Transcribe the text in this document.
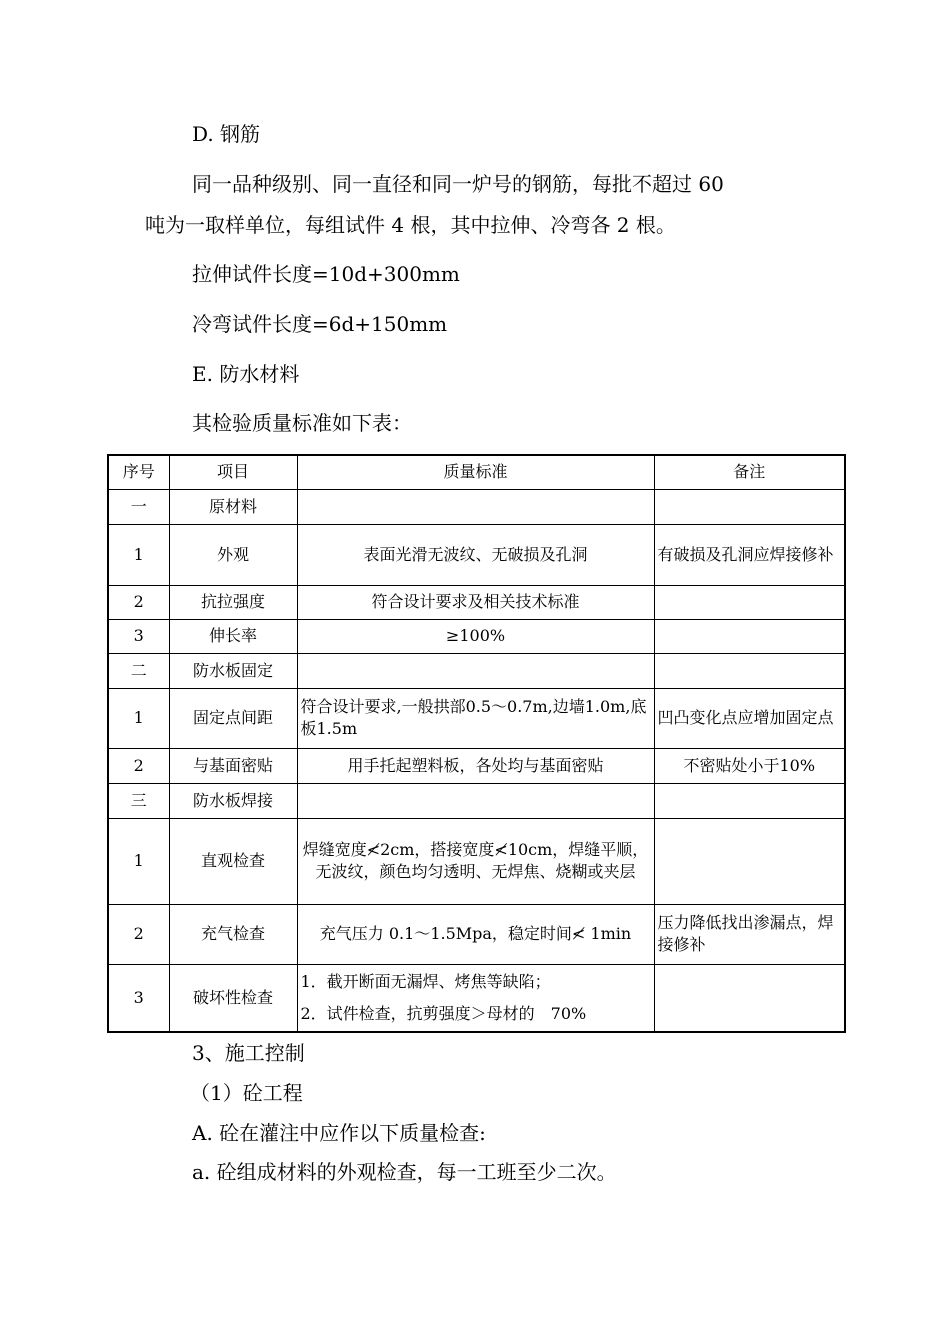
D. 钢筋
同一品种级别、同一直径和同一炉号的钢筋，每批不超过 60
吨为一取样单位，每组试件 4 根，其中拉伸、冷弯各 2 根。
拉伸试件长度=10d+300mm
冷弯试件长度=6d+150mm
E. 防水材料
其检验质量标准如下表：
序号	项目	质量标准	备注
一	原材料		
1	外观	表面光滑无波纹、无破损及孔洞	有破损及孔洞应焊接修补
2	抗拉强度	符合设计要求及相关技术标准	
3	伸长率	≥100%	
二	防水板固定		
1	固定点间距	符合设计要求,一般拱部0.5～0.7m,边墙1.0m,底板1.5m	凹凸变化点应增加固定点
2	与基面密贴	用手托起塑料板，各处均与基面密贴	不密贴处小于10%
三	防水板焊接		
1	直观检查	焊缝宽度≮2cm，搭接宽度≮10cm，焊缝平顺，无波纹，颜色均匀透明、无焊焦、烧糊或夹层	
2	充气检查	充气压力 0.1～1.5Mpa，稳定时间≮ 1min	压力降低找出渗漏点，焊接修补
3	破坏性检查	1．截开断面无漏焊、烤焦等缺陷；
2．试件检查，抗剪强度＞母材的　70%	

3、施工控制
（1）砼工程
A. 砼在灌注中应作以下质量检查:
a. 砼组成材料的外观检查，每一工班至少二次。
